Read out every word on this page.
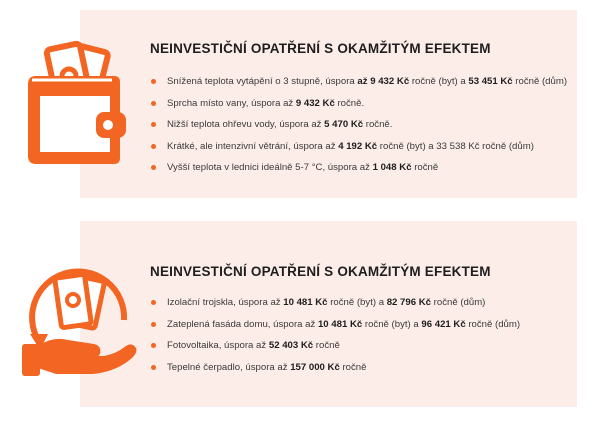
NEINVESTIČNÍ OPATŘENÍ S OKAMŽITÝM EFEKTEM
Snížená teplota vytápění o 3 stupně, úspora až 9 432 Kč ročně (byt) a 53 451 Kč ročně (dům)
Sprcha místo vany, úspora až 9 432 Kč ročně.
Nižší teplota ohřevu vody, úspora až 5 470 Kč ročně.
Krátké, ale intenzivní větrání, úspora až 4 192 Kč ročně (byt) a 33 538 Kč ročně (dům)
Vyšší teplota v lednici ideálně 5-7 °C, úspora až 1 048 Kč ročně
NEINVESTIČNÍ OPATŘENÍ S OKAMŽITÝM EFEKTEM
Izolační trojskla, úspora až 10 481 Kč ročně (byt) a 82 796 Kč ročně (dům)
Zateplená fasáda domu, úspora až 10 481 Kč ročně (byt) a 96 421 Kč ročně (dům)
Fotovoltaika, úspora až 52 403 Kč ročně
Tepelné čerpadlo, úspora až 157 000 Kč ročně
